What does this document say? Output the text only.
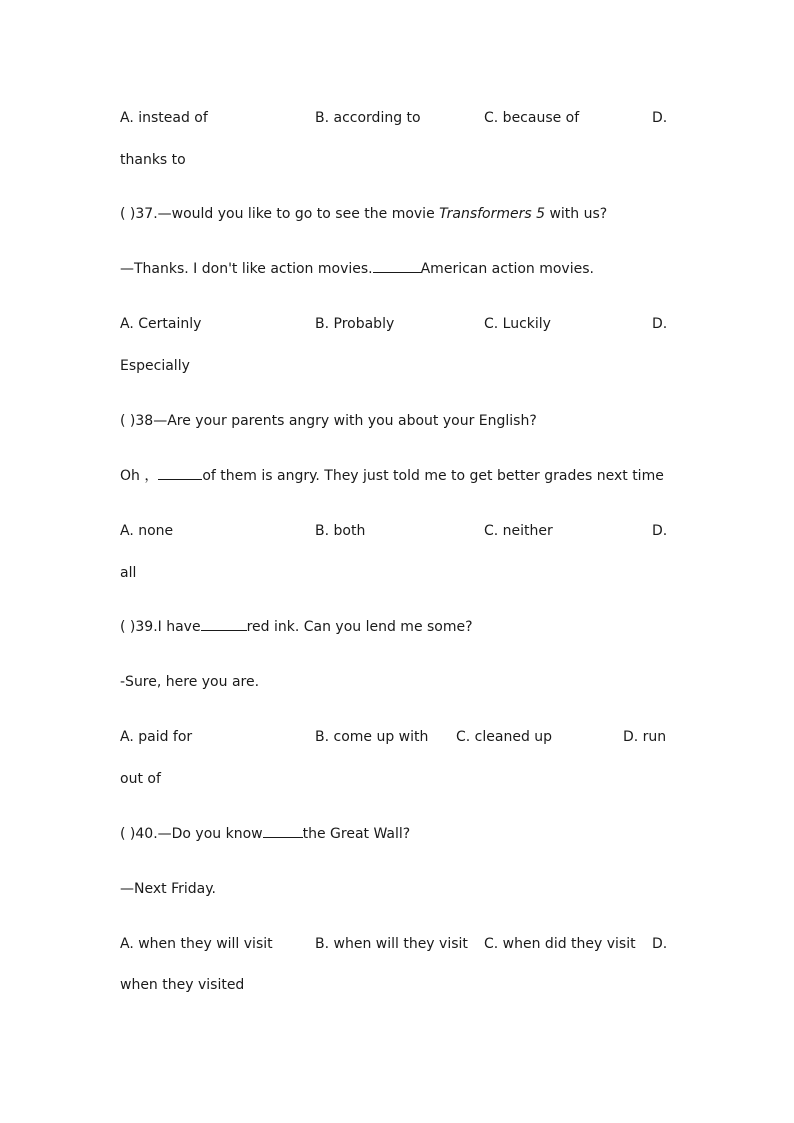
A. instead of	B. according to	C. because of	D.
thanks to
( )37.—would you like to go to see the movie Transformers 5 with us?
—Thanks. I don't like action movies.	American action movies.
A. Certainly	B. Probably	C. Luckily	D.
Especially
( )38—Are your parents angry with you about your English?
Oh ，	of them is angry. They just told me to get better grades next time
A. none	B. both	C. neither	D.
all
( )39.I have	red ink. Can you lend me some?
-Sure, here you are.
A. paid for	B. come up with C. cleaned up	D. run
out of
( )40.—Do you know	the Great Wall?
—Next Friday.
A. when they will visit	B. when will they visit C. when did they visit D.
when they visited
